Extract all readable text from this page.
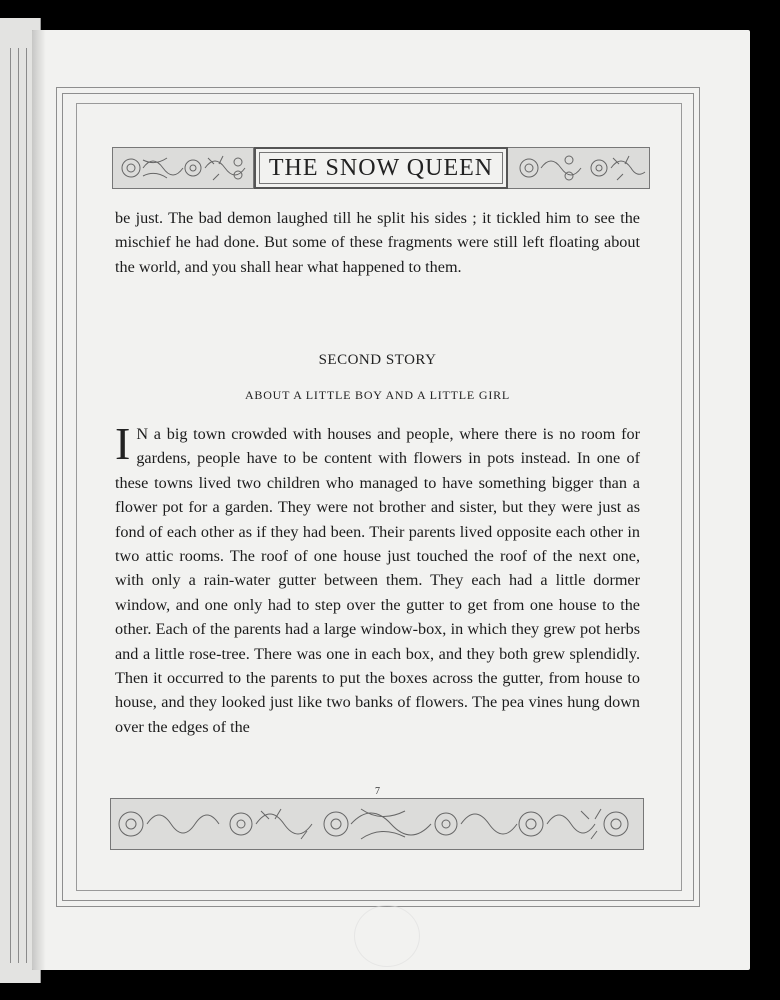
THE SNOW QUEEN

be just. The bad demon laughed till he split his sides ; it tickled him to see the mischief he had done. But some of these fragments were still left floating about the world, and you shall hear what happened to them.

SECOND STORY
ABOUT A LITTLE BOY AND A LITTLE GIRL

I N a big town crowded with houses and people, where there is no room for gardens, people have to be content with flowers in pots instead. In one of these towns lived two children who managed to have something bigger than a flower pot for a garden. They were not brother and sister, but they were just as fond of each other as if they had been. Their parents lived opposite each other in two attic rooms. The roof of one house just touched the roof of the next one, with only a rain-water gutter between them. They each had a little dormer window, and one only had to step over the gutter to get from one house to the other. Each of the parents had a large window-box, in which they grew pot herbs and a little rose-tree. There was one in each box, and they both grew splendidly. Then it occurred to the parents to put the boxes across the gutter, from house to house, and they looked just like two banks of flowers. The pea vines hung down over the edges of the

7
